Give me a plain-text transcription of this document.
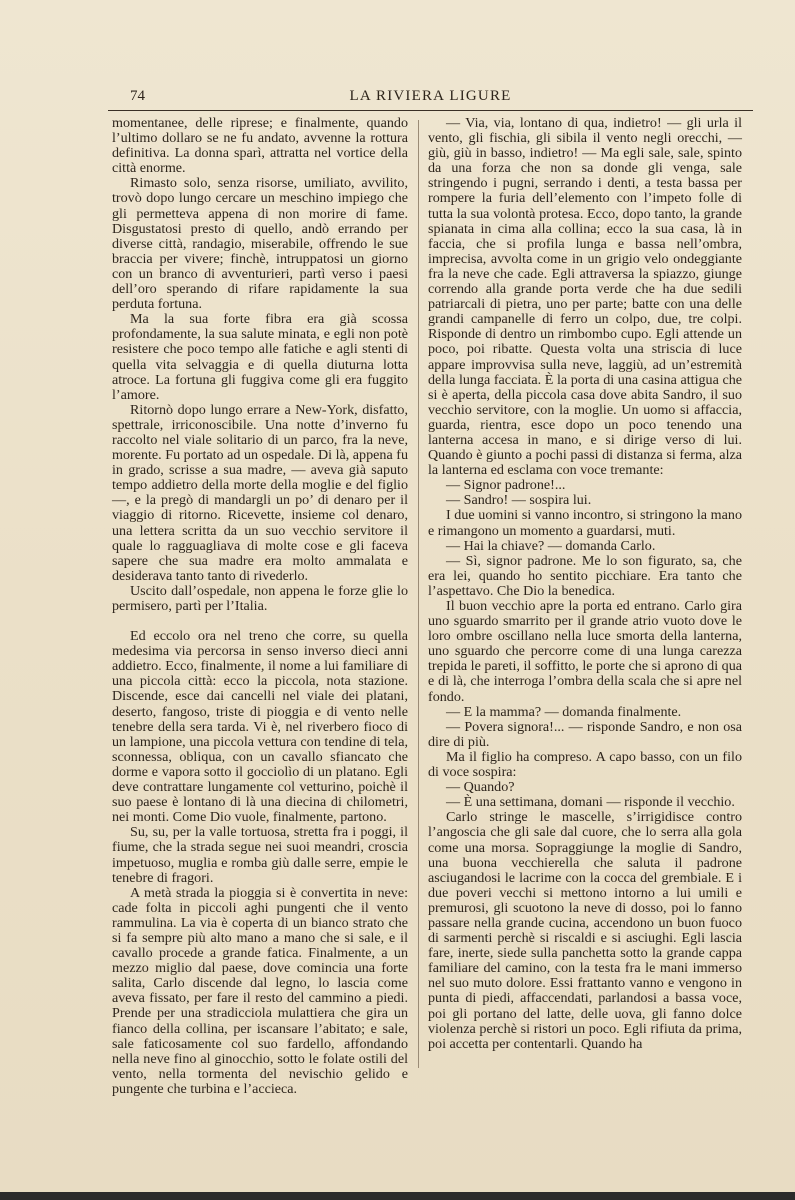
74	LA RIVIERA LIGURE

momentanee, delle riprese; e finalmente, quando l’ultimo dollaro se ne fu andato, avvenne la rottura definitiva. La donna sparì, attratta nel vortice della città enorme.

Rimasto solo, senza risorse, umiliato, avvilito, trovò dopo lungo cercare un meschino impiego che gli permetteva appena di non morire di fame. Disgustatosi presto di quello, andò errando per diverse città, randagio, miserabile, offrendo le sue braccia per vivere; finchè, intruppatosi un giorno con un branco di avventurieri, partì verso i paesi dell’oro sperando di rifare rapidamente la sua perduta fortuna.

Ma la sua forte fibra era già scossa profondamente, la sua salute minata, e egli non potè resistere che poco tempo alle fatiche e agli stenti di quella vita selvaggia e di quella diuturna lotta atroce. La fortuna gli fuggiva come gli era fuggito l’amore.

Ritornò dopo lungo errare a New-York, disfatto, spettrale, irriconoscibile. Una notte d’inverno fu raccolto nel viale solitario di un parco, fra la neve, morente. Fu portato ad un ospedale. Di là, appena fu in grado, scrisse a sua madre, — aveva già saputo tempo addietro della morte della moglie e del figlio —, e la pregò di mandargli un po’ di denaro per il viaggio di ritorno. Ricevette, insieme col denaro, una lettera scritta da un suo vecchio servitore il quale lo ragguagliava di molte cose e gli faceva sapere che sua madre era molto ammalata e desiderava tanto tanto di rivederlo.

Uscito dall’ospedale, non appena le forze glie lo permisero, partì per l’Italia.

Ed eccolo ora nel treno che corre, su quella medesima via percorsa in senso inverso dieci anni addietro. Ecco, finalmente, il nome a lui familiare di una piccola città: ecco la piccola, nota stazione. Discende, esce dai cancelli nel viale dei platani, deserto, fangoso, triste di pioggia e di vento nelle tenebre della sera tarda. Vi è, nel riverbero fioco di un lampione, una piccola vettura con tendine di tela, sconnessa, obliqua, con un cavallo sfiancato che dorme e vapora sotto il gocciolìo di un platano. Egli deve contrattare lungamente col vetturino, poichè il suo paese è lontano di là una diecina di chilometri, nei monti. Come Dio vuole, finalmente, partono.

Su, su, per la valle tortuosa, stretta fra i poggi, il fiume, che la strada segue nei suoi meandri, croscia impetuoso, muglia e romba giù dalle serre, empie le tenebre di fragori.

A metà strada la pioggia si è convertita in neve: cade folta in piccoli aghi pungenti che il vento rammulina. La via è coperta di un bianco strato che si fa sempre più alto mano a mano che si sale, e il cavallo procede a grande fatica. Finalmente, a un mezzo miglio dal paese, dove comincia una forte salita, Carlo discende dal legno, lo lascia come aveva fissato, per fare il resto del cammino a piedi. Prende per una stradicciola mulattiera che gira un fianco della collina, per iscansare l’abitato; e sale, sale faticosamente col suo fardello, affondando nella neve fino al ginocchio, sotto le folate ostili del vento, nella tormenta del nevischio gelido e pungente che turbina e l’accieca.

— Via, via, lontano di qua, indietro! — gli urla il vento, gli fischia, gli sibila il vento negli orecchi, — giù, giù in basso, indietro! — Ma egli sale, sale, spinto da una forza che non sa donde gli venga, sale stringendo i pugni, serrando i denti, a testa bassa per rompere la furia dell’elemento con l’impeto folle di tutta la sua volontà protesa. Ecco, dopo tanto, la grande spianata in cima alla collina; ecco la sua casa, là in faccia, che si profila lunga e bassa nell’ombra, imprecisa, avvolta come in un grigio velo ondeggiante fra la neve che cade. Egli attraversa la spiazzo, giunge correndo alla grande porta verde che ha due sedili patriarcali di pietra, uno per parte; batte con una delle grandi campanelle di ferro un colpo, due, tre colpi. Risponde di dentro un rimbombo cupo. Egli attende un poco, poi ribatte. Questa volta una striscia di luce appare improvvisa sulla neve, laggiù, ad un’estremità della lunga facciata. È la porta di una casina attigua che si è aperta, della piccola casa dove abita Sandro, il suo vecchio servitore, con la moglie. Un uomo si affaccia, guarda, rientra, esce dopo un poco tenendo una lanterna accesa in mano, e si dirige verso di lui. Quando è giunto a pochi passi di distanza si ferma, alza la lanterna ed esclama con voce tremante:

— Signor padrone!...

— Sandro! — sospira lui.

I due uomini si vanno incontro, si stringono la mano e rimangono un momento a guardarsi, muti.

— Hai la chiave? — domanda Carlo.

— Sì, signor padrone. Me lo son figurato, sa, che era lei, quando ho sentito picchiare. Era tanto che l’aspettavo. Che Dio la benedica.

Il buon vecchio apre la porta ed entrano. Carlo gira uno sguardo smarrito per il grande atrio vuoto dove le loro ombre oscillano nella luce smorta della lanterna, uno sguardo che percorre come di una lunga carezza trepida le pareti, il soffitto, le porte che si aprono di qua e di là, che interroga l’ombra della scala che si apre nel fondo.

— E la mamma? — domanda finalmente.

— Povera signora!... — risponde Sandro, e non osa dire di più.

Ma il figlio ha compreso. A capo basso, con un filo di voce sospira:

— Quando?

— È una settimana, domani — risponde il vecchio.

Carlo stringe le mascelle, s’irrigidisce contro l’angoscia che gli sale dal cuore, che lo serra alla gola come una morsa. Sopraggiunge la moglie di Sandro, una buona vecchierella che saluta il padrone asciugandosi le lacrime con la cocca del grembiale. E i due poveri vecchi si mettono intorno a lui umili e premurosi, gli scuotono la neve di dosso, poi lo fanno passare nella grande cucina, accendono un buon fuoco di sarmenti perchè si riscaldi e si asciughi. Egli lascia fare, inerte, siede sulla panchetta sotto la grande cappa familiare del camino, con la testa fra le mani immerso nel suo muto dolore. Essi frattanto vanno e vengono in punta di piedi, affaccendati, parlandosi a bassa voce, poi gli portano del latte, delle uova, gli fanno dolce violenza perchè si ristori un poco. Egli rifiuta da prima, poi accetta per contentarli. Quando ha
